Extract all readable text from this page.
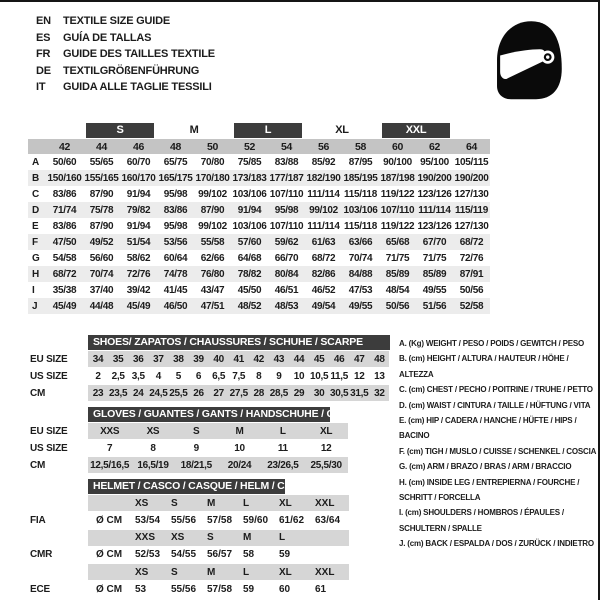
EN	TEXTILE SIZE GUIDE
ES	GUÍA DE TALLAS
FR	GUIDE DES TAILLES TEXTILE
DE	TEXTILGRÖßENFÜHRUNG
IT	GUIDA ALLE TAGLIE TESSILI

		S		M		L		XL		XXL		

	42	44	46	48	50	52	54	56	58	60	62	64
A	50/60	55/65	60/70	65/75	70/80	75/85	83/88	85/92	87/95	90/100	95/100	105/115
B	150/160	155/165	160/170	165/175	170/180	173/183	177/187	182/190	185/195	187/198	190/200	190/200
C	83/86	87/90	91/94	95/98	99/102	103/106	107/110	111/114	115/118	119/122	123/126	127/130
D	71/74	75/78	79/82	83/86	87/90	91/94	95/98	99/102	103/106	107/110	111/114	115/119
E	83/86	87/90	91/94	95/98	99/102	103/106	107/110	111/114	115/118	119/122	123/126	127/130
F	47/50	49/52	51/54	53/56	55/58	57/60	59/62	61/63	63/66	65/68	67/70	68/72
G	54/58	56/60	58/62	60/64	62/66	64/68	66/70	68/72	70/74	71/75	71/75	72/76
H	68/72	70/74	72/76	74/78	76/80	78/82	80/84	82/86	84/88	85/89	85/89	87/91
I	35/38	37/40	39/42	41/45	43/47	45/50	46/51	46/52	47/53	48/54	49/55	50/56
J	45/49	44/48	45/49	46/50	47/51	48/52	48/53	49/54	49/55	50/56	51/56	52/58
SHOES/ ZAPATOS / CHAUSSURES / SCHUHE / SCARPE
EU SIZE	34 35 36 37 38 39 40 41 42 43 44 45 46 47 48
US SIZE	2	2,5 3,5	4	5	6	6,5 7,5	8	9	10 10,5 11,5 12 13
CM	23 23,5 24 24,5 25,5 26 27 27,5 28 28,5 29 30 30,5 31,5 32
GLOVES / GUANTES / GANTS / HANDSCHUHE / GUANTI
EU SIZE	XXS	XS	S	M	L	XL
US SIZE	7	8	9	10	11	12
CM	12,5/16,5 16,5/19	18/21,5	20/24	23/26,5	25,5/30
HELMET / CASCO / CASQUE / HELM / CASCO
XS	S	M	L	XL	XXL
FIA	Ø CM	53/54	55/56	57/58	59/60	61/62	63/64
XXS	XS	S	M	L
CMR	Ø CM	52/53	54/55	56/57	58	59
XS	S	M	L	XL	XXL
ECE	Ø CM	53	55/56	57/58	59	60	61
A. (Kg) WEIGHT / PESO / POIDS / GEWITCH / PESO
B. (cm) HEIGHT / ALTURA / HAUTEUR / HÖHE / ALTEZZA
C. (cm) CHEST / PECHO / POITRINE / TRUHE / PETTO
D. (cm) WAIST / CINTURA / TAILLE / HÜFTUNG / VITA
E. (cm) HIP / CADERA / HANCHE / HÜFTE / HIPS / BACINO
F. (cm) TIGH / MUSLO / CUISSE / SCHENKEL / COSCIA
G. (cm) ARM / BRAZO / BRAS / ARM / BRACCIO
H. (cm) INSIDE LEG / ENTREPIERNA / FOURCHE / SCHRITT / FORCELLA
I. (cm) SHOULDERS / HOMBROS / ÉPAULES / SCHULTERN / SPALLE
J. (cm) BACK / ESPALDA / DOS / ZURÜCK / INDIETRO
